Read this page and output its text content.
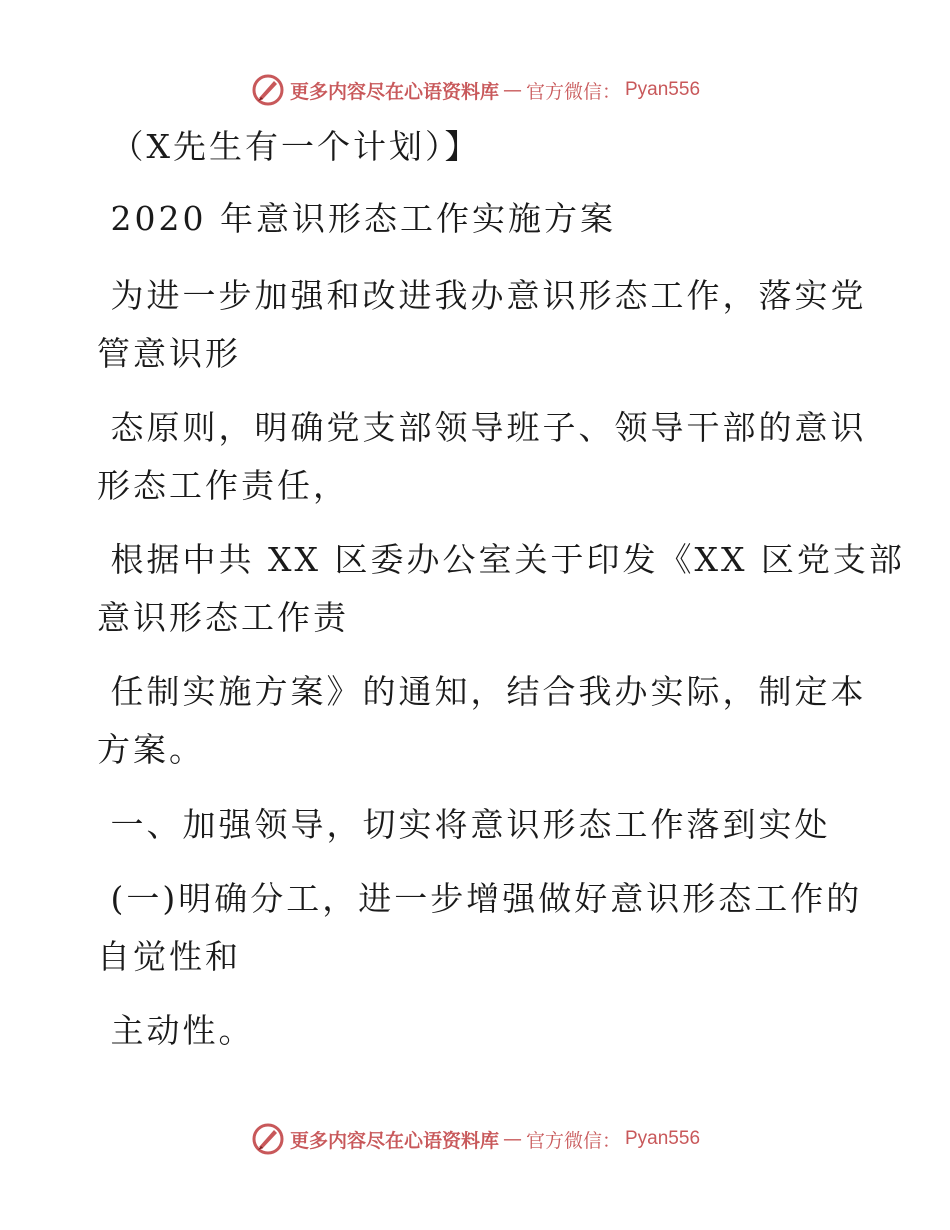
更多内容尽在心语资料库 — 官方微信： Pyan556
（X先生有一个计划）】
2020 年意识形态工作实施方案
为进一步加强和改进我办意识形态工作，落实党
管意识形
态原则，明确党支部领导班子、领导干部的意识
形态工作责任，
根据中共 XX 区委办公室关于印发《XX 区党支部
意识形态工作责
任制实施方案》的通知，结合我办实际，制定本
方案。
一、加强领导，切实将意识形态工作落到实处
(一)明确分工，进一步增强做好意识形态工作的
自觉性和
主动性。
更多内容尽在心语资料库 — 官方微信： Pyan556
